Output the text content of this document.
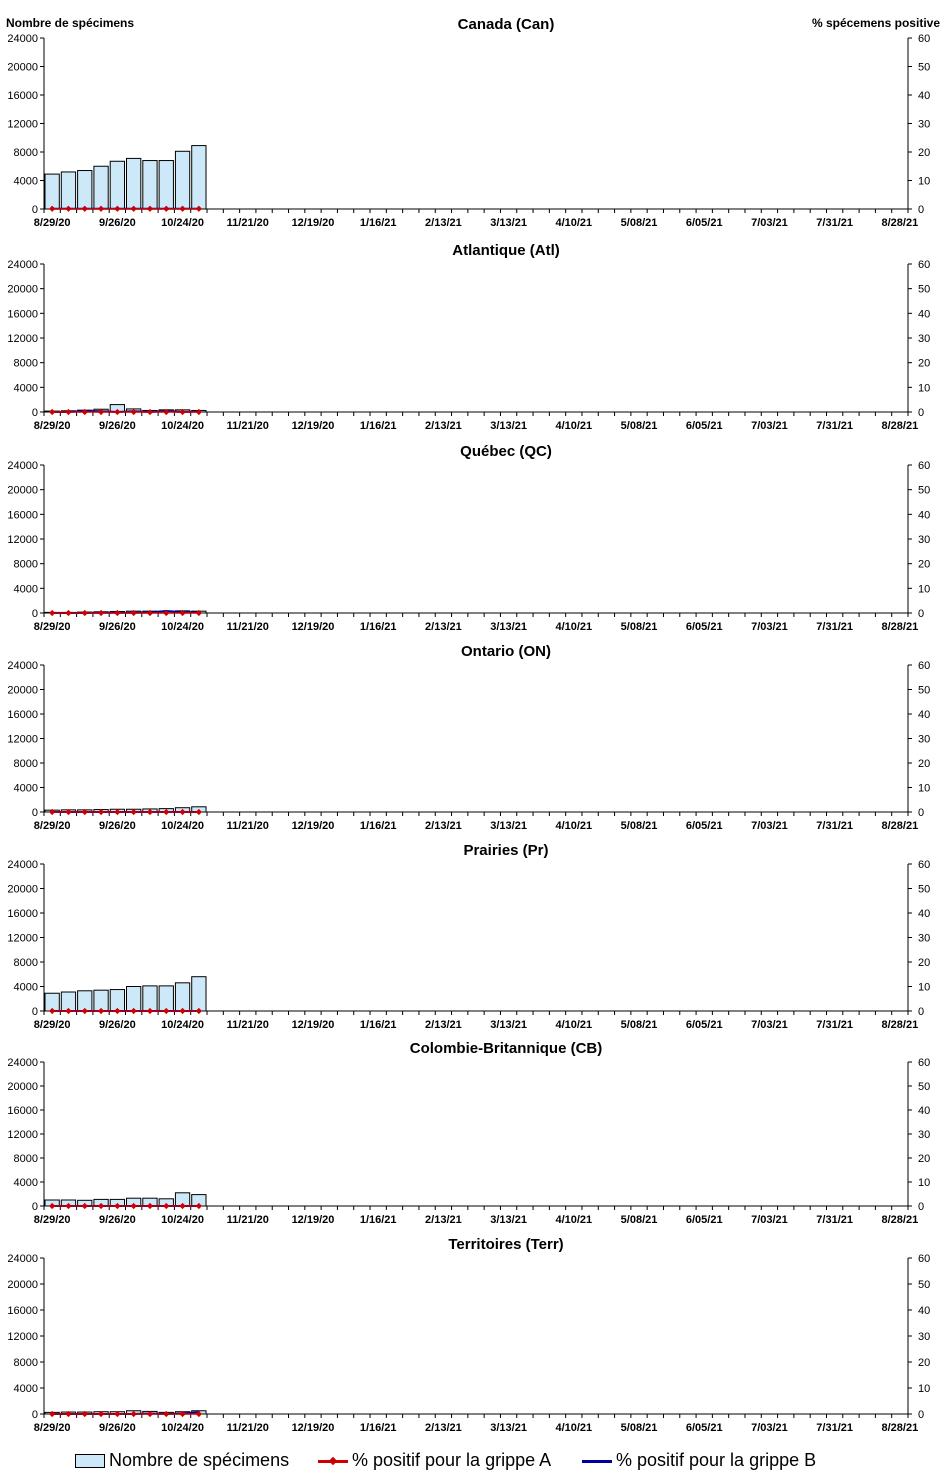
Nombre de spécimens	% spécemens positive
Canada (Can)
0
4000
8000
12000
16000
20000
24000
0
10
20
30
40
50
60
8/29/20	9/26/20 10/24/20 11/21/20 12/19/20 1/16/21	2/13/21	3/13/21	4/10/21	5/08/21	6/05/21	7/03/21	7/31/21	8/28/21
Atlantique (Atl)
0
4000
8000
12000
16000
20000
24000
0
10
20
30
40
50
60
8/29/20	9/26/20 10/24/20 11/21/20 12/19/20 1/16/21	2/13/21	3/13/21	4/10/21	5/08/21	6/05/21	7/03/21	7/31/21	8/28/21
Québec (QC)
0
4000
8000
12000
16000
20000
24000
0
10
20
30
40
50
60
8/29/20	9/26/20 10/24/20 11/21/20 12/19/20 1/16/21	2/13/21	3/13/21	4/10/21	5/08/21	6/05/21	7/03/21	7/31/21	8/28/21
Ontario (ON)
0
4000
8000
12000
16000
20000
24000
0
10
20
30
40
50
60
8/29/20	9/26/20 10/24/20 11/21/20 12/19/20 1/16/21	2/13/21	3/13/21	4/10/21	5/08/21	6/05/21	7/03/21	7/31/21	8/28/21
Prairies (Pr)
0
4000
8000
12000
16000
20000
24000
0
10
20
30
40
50
60
8/29/20	9/26/20 10/24/20 11/21/20 12/19/20 1/16/21	2/13/21	3/13/21	4/10/21	5/08/21	6/05/21	7/03/21	7/31/21	8/28/21
Colombie-Britannique (CB)
0
4000
8000
12000
16000
20000
24000
0
10
20
30
40
50
60
8/29/20	9/26/20 10/24/20 11/21/20 12/19/20 1/16/21	2/13/21	3/13/21	4/10/21	5/08/21	6/05/21	7/03/21	7/31/21	8/28/21
Territoires (Terr)
0
4000
8000
12000
16000
20000
24000
0
10
20
30
40
50
60
8/29/20	9/26/20 10/24/20 11/21/20 12/19/20 1/16/21	2/13/21	3/13/21	4/10/21	5/08/21	6/05/21	7/03/21	7/31/21	8/28/21
Nombre de spécimens	% positif pour la grippe A	% positif pour la grippe B
